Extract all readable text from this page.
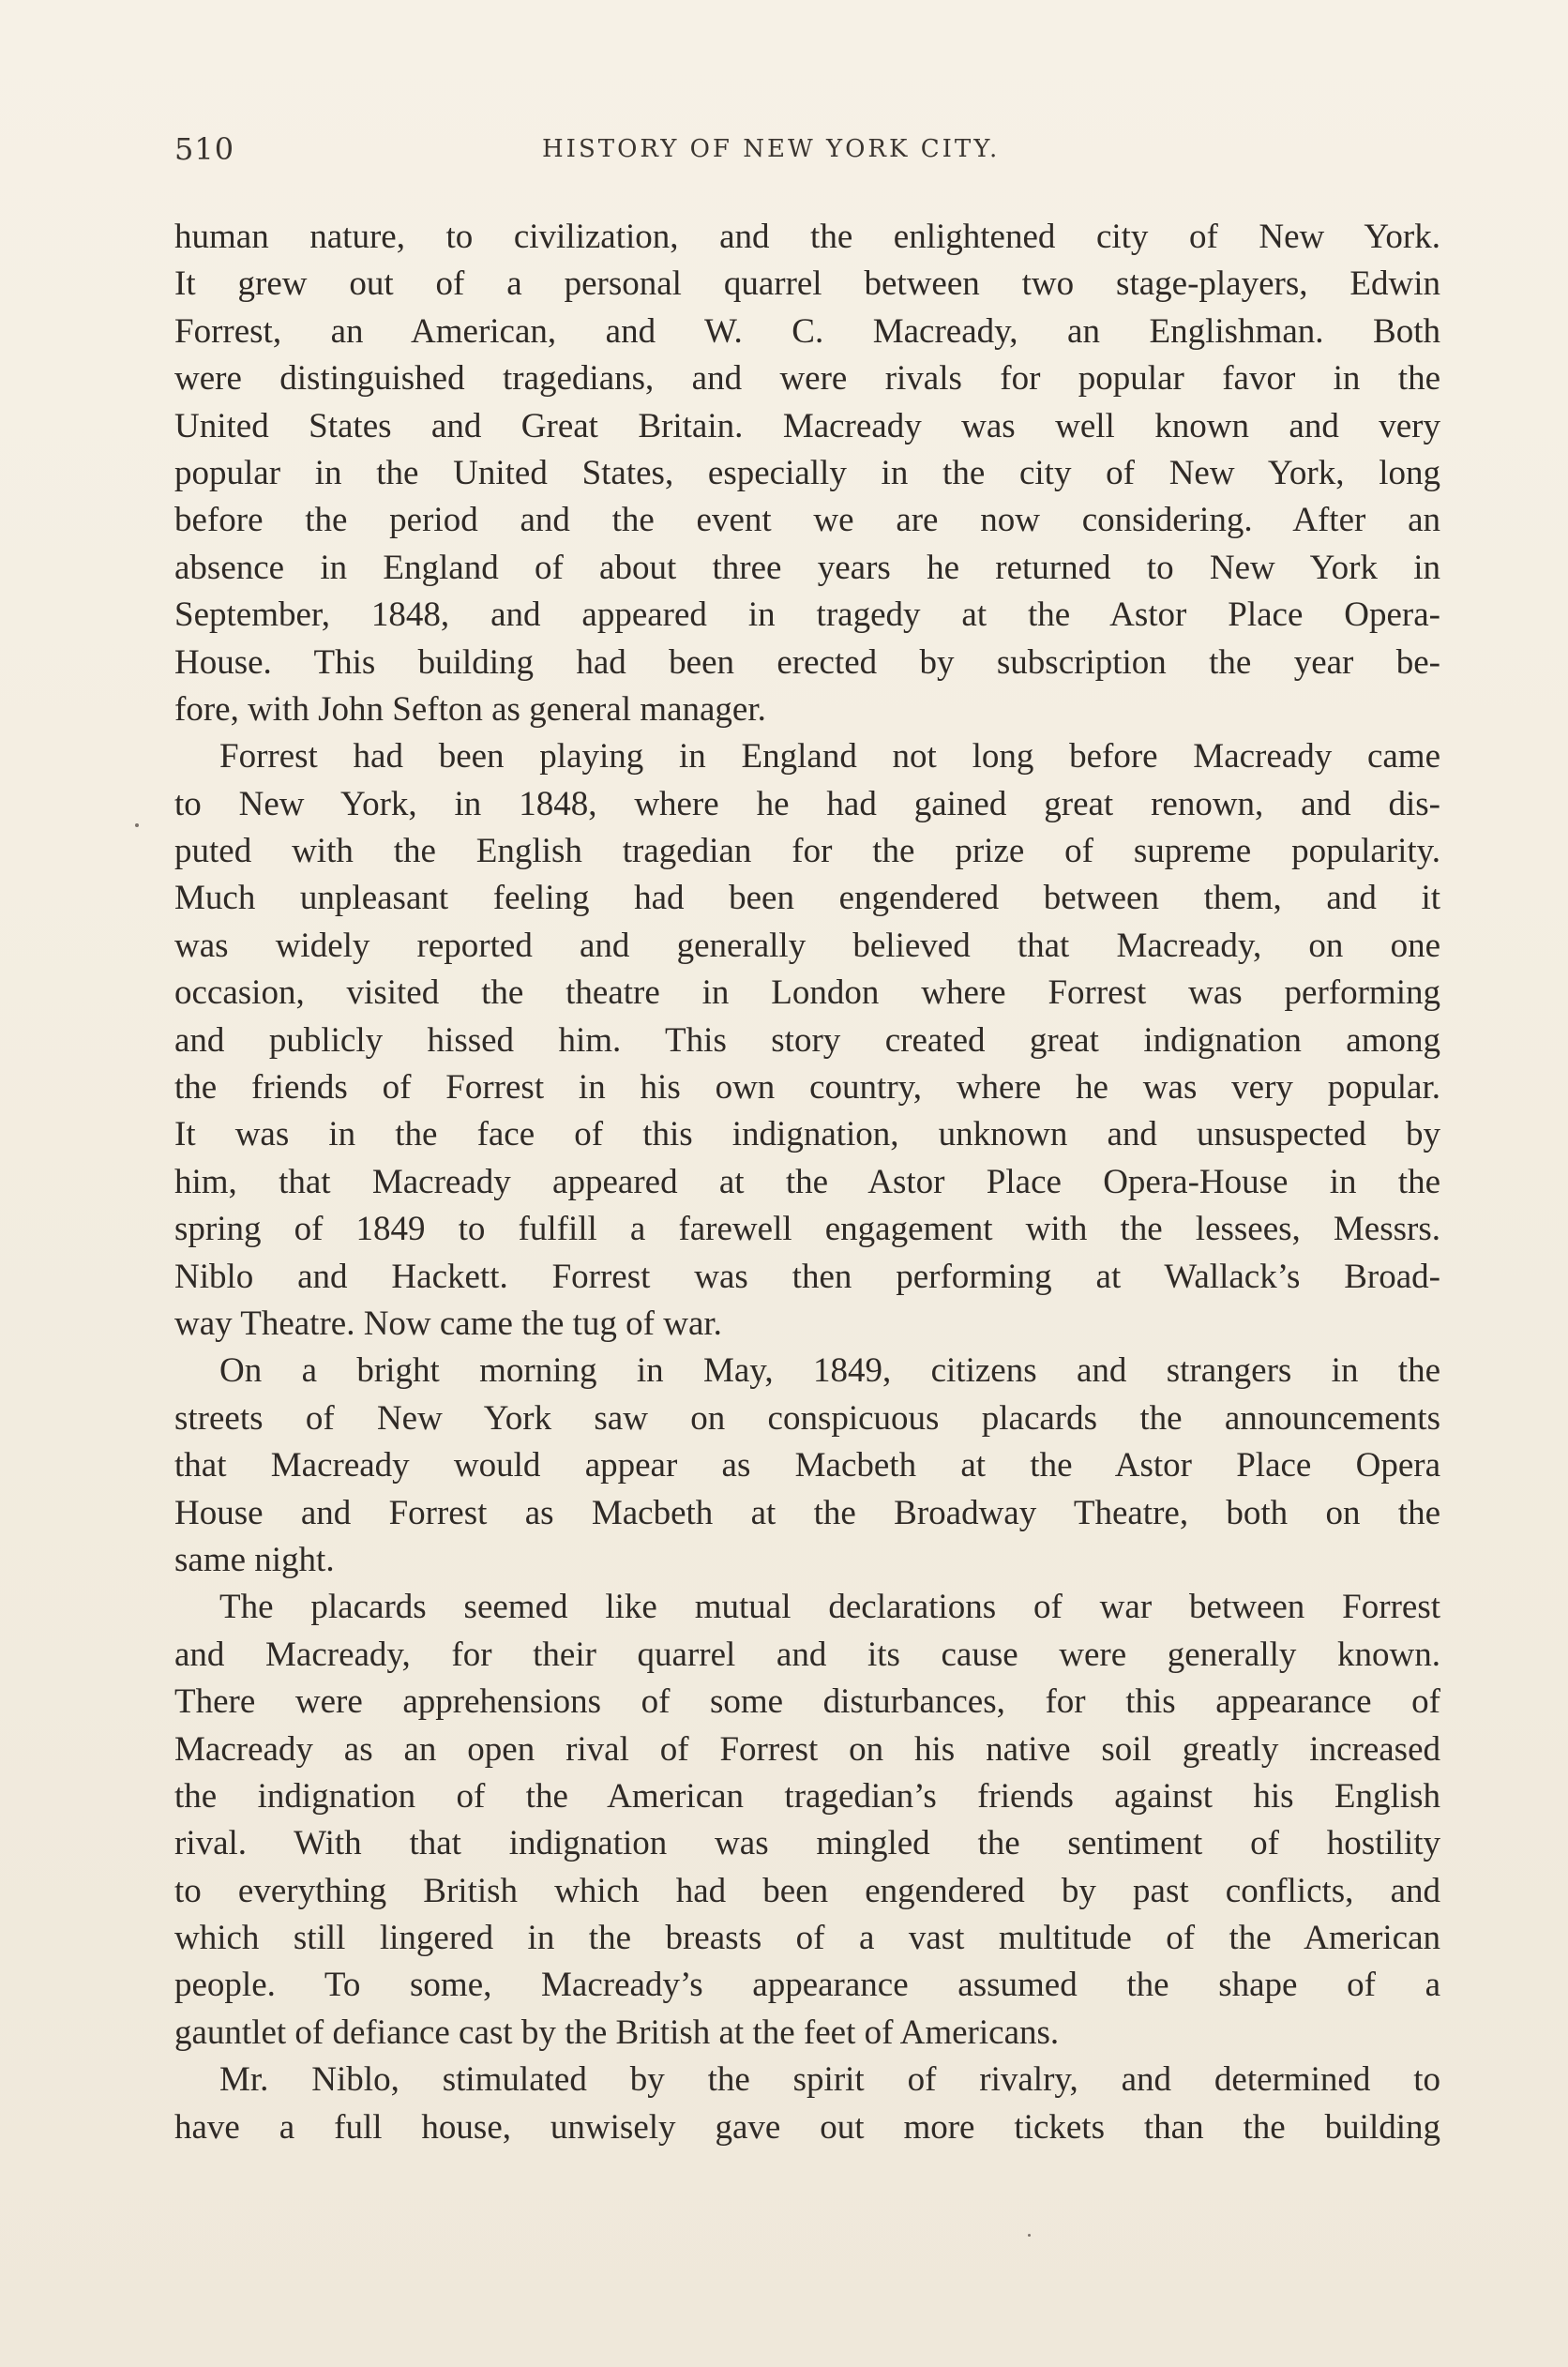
510	HISTORY OF NEW YORK CITY.
human nature, to civilization, and the enlightened city of New York.
It grew out of a personal quarrel between two stage-players, Edwin
Forrest, an American, and W. C. Macready, an Englishman. Both
were distinguished tragedians, and were rivals for popular favor in the
United States and Great Britain. Macready was well known and very
popular in the United States, especially in the city of New York, long
before the period and the event we are now considering. After an
absence in England of about three years he returned to New York in
September, 1848, and appeared in tragedy at the Astor Place Opera-
House. This building had been erected by subscription the year be-
fore, with John Sefton as general manager.
Forrest had been playing in England not long before Macready came
to New York, in 1848, where he had gained great renown, and dis-
puted with the English tragedian for the prize of supreme popularity.
Much unpleasant feeling had been engendered between them, and it
was widely reported and generally believed that Macready, on one
occasion, visited the theatre in London where Forrest was performing
and publicly hissed him. This story created great indignation among
the friends of Forrest in his own country, where he was very popular.
It was in the face of this indignation, unknown and unsuspected by
him, that Macready appeared at the Astor Place Opera-House in the
spring of 1849 to fulfill a farewell engagement with the lessees, Messrs.
Niblo and Hackett. Forrest was then performing at Wallack’s Broad-
way Theatre. Now came the tug of war.
On a bright morning in May, 1849, citizens and strangers in the
streets of New York saw on conspicuous placards the announcements
that Macready would appear as Macbeth at the Astor Place Opera
House and Forrest as Macbeth at the Broadway Theatre, both on the
same night.
The placards seemed like mutual declarations of war between Forrest
and Macready, for their quarrel and its cause were generally known.
There were apprehensions of some disturbances, for this appearance of
Macready as an open rival of Forrest on his native soil greatly increased
the indignation of the American tragedian’s friends against his English
rival. With that indignation was mingled the sentiment of hostility
to everything British which had been engendered by past conflicts, and
which still lingered in the breasts of a vast multitude of the American
people. To some, Macready’s appearance assumed the shape of a
gauntlet of defiance cast by the British at the feet of Americans.
Mr. Niblo, stimulated by the spirit of rivalry, and determined to
have a full house, unwisely gave out more tickets than the building
